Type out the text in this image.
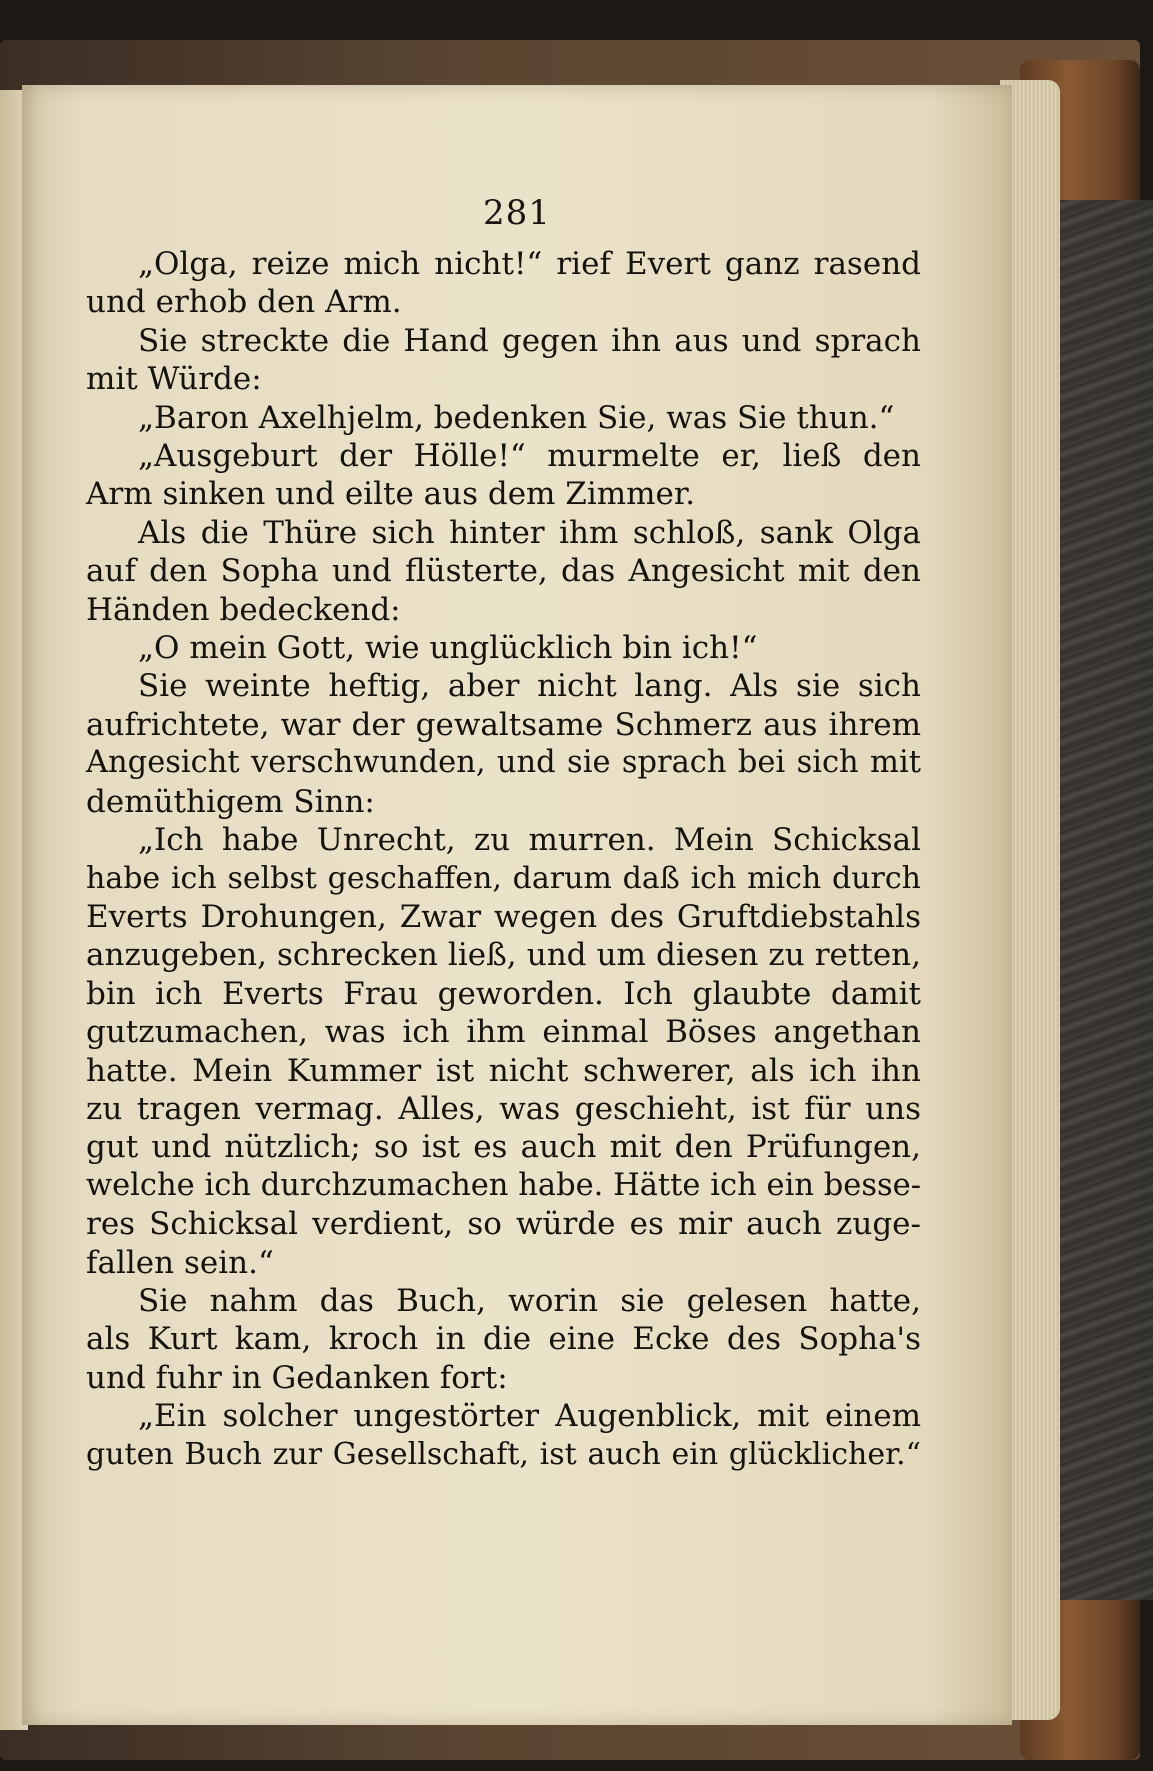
281
„Olga, reize mich nicht!“ rief Evert ganz rasend
und erhob den Arm.
Sie streckte die Hand gegen ihn aus und sprach
mit Würde:
„Baron Axelhjelm, bedenken Sie, was Sie thun.“
„Ausgeburt der Hölle!“ murmelte er, ließ den
Arm sinken und eilte aus dem Zimmer.
Als die Thüre sich hinter ihm schloß, sank Olga
auf den Sopha und flüsterte, das Angesicht mit den
Händen bedeckend:
„O mein Gott, wie unglücklich bin ich!“
Sie weinte heftig, aber nicht lang. Als sie sich
aufrichtete, war der gewaltsame Schmerz aus ihrem
Angesicht verschwunden, und sie sprach bei sich mit
demüthigem Sinn:
„Ich habe Unrecht, zu murren. Mein Schicksal
habe ich selbst geschaffen, darum daß ich mich durch
Everts Drohungen, Zwar wegen des Gruftdiebstahls
anzugeben, schrecken ließ, und um diesen zu retten,
bin ich Everts Frau geworden. Ich glaubte damit
gutzumachen, was ich ihm einmal Böses angethan
hatte. Mein Kummer ist nicht schwerer, als ich ihn
zu tragen vermag. Alles, was geschieht, ist für uns
gut und nützlich; so ist es auch mit den Prüfungen,
welche ich durchzumachen habe. Hätte ich ein besse-
res Schicksal verdient, so würde es mir auch zuge-
fallen sein.“
Sie nahm das Buch, worin sie gelesen hatte,
als Kurt kam, kroch in die eine Ecke des Sopha's
und fuhr in Gedanken fort:
„Ein solcher ungestörter Augenblick, mit einem
guten Buch zur Gesellschaft, ist auch ein glücklicher.“
